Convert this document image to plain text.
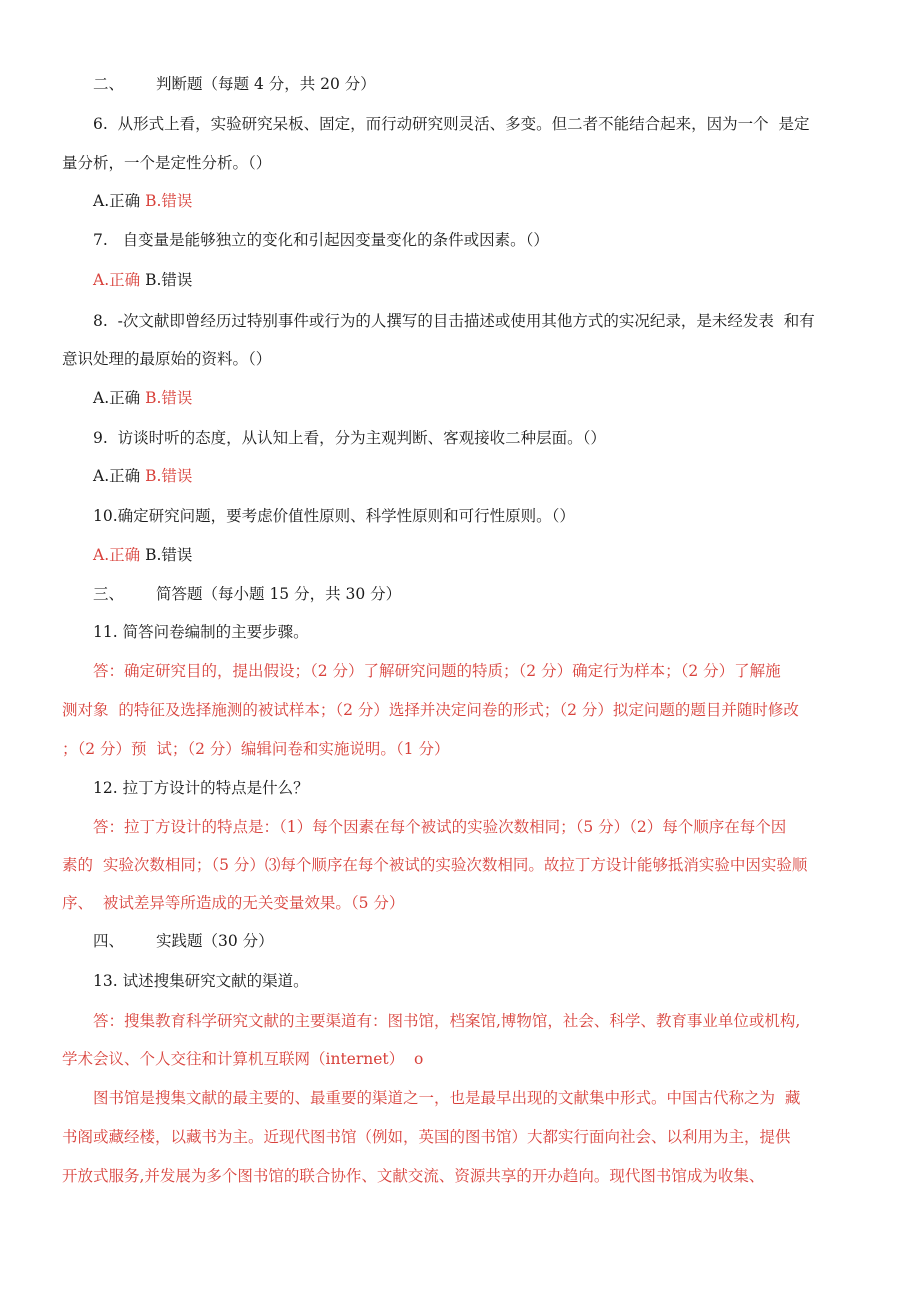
二、 判断题（每题 4 分，共 20 分）
6.  从形式上看，实验研究呆板、固定，而行动研究则灵活、多变。但二者不能结合起来，因为一个  是定
量分析，一个是定性分析。（）
A.正确 B.错误
7.   自变量是能够独立的变化和引起因变量变化的条件或因素。（）
A.正确 B.错误
8.  -次文献即曾经历过特别事件或行为的人撰写的目击描述或使用其他方式的实况纪录，是未经发表  和有
意识处理的最原始的资料。（）
A.正确 B.错误
9.  访谈时听的态度，从认知上看，分为主观判断、客观接收二种层面。（）
A.正确 B.错误
10.确定研究问题，要考虑价值性原则、科学性原则和可行性原则。（）
A.正确 B.错误
三、 简答题（每小题 15 分，共 30 分）
11. 简答问卷编制的主要步骤。
答：确定研究目的，提出假设；（2 分）了解研究问题的特质；（2 分）确定行为样本；（2 分）了解施
测对象  的特征及选择施测的被试样本；（2 分）选择并决定问卷的形式；（2 分）拟定问题的题目并随时修改
；（2 分）预  试；（2 分）编辑问卷和实施说明。（1 分）
12. 拉丁方设计的特点是什么？
答：拉丁方设计的特点是：（1）每个因素在每个被试的实验次数相同；（5 分）（2）每个顺序在每个因
素的  实验次数相同；（5 分）⑶每个顺序在每个被试的实验次数相同。故拉丁方设计能够抵消实验中因实验顺
序、  被试差异等所造成的无关变量效果。（5 分）
四、 实践题（30 分）
13. 试述搜集研究文献的渠道。
答：搜集教育科学研究文献的主要渠道有：图书馆，档案馆,博物馆，社会、科学、教育事业单位或机构,
学术会议、个人交往和计算机互联网（internet）  o
图书馆是搜集文献的最主要的、最重要的渠道之一，也是最早出现的文献集中形式。中国古代称之为  藏
书阁或藏经楼，以藏书为主。近现代图书馆（例如，英国的图书馆）大都实行面向社会、以利用为主，提供
开放式服务,并发展为多个图书馆的联合协作、文献交流、资源共享的开办趋向。现代图书馆成为收集、
